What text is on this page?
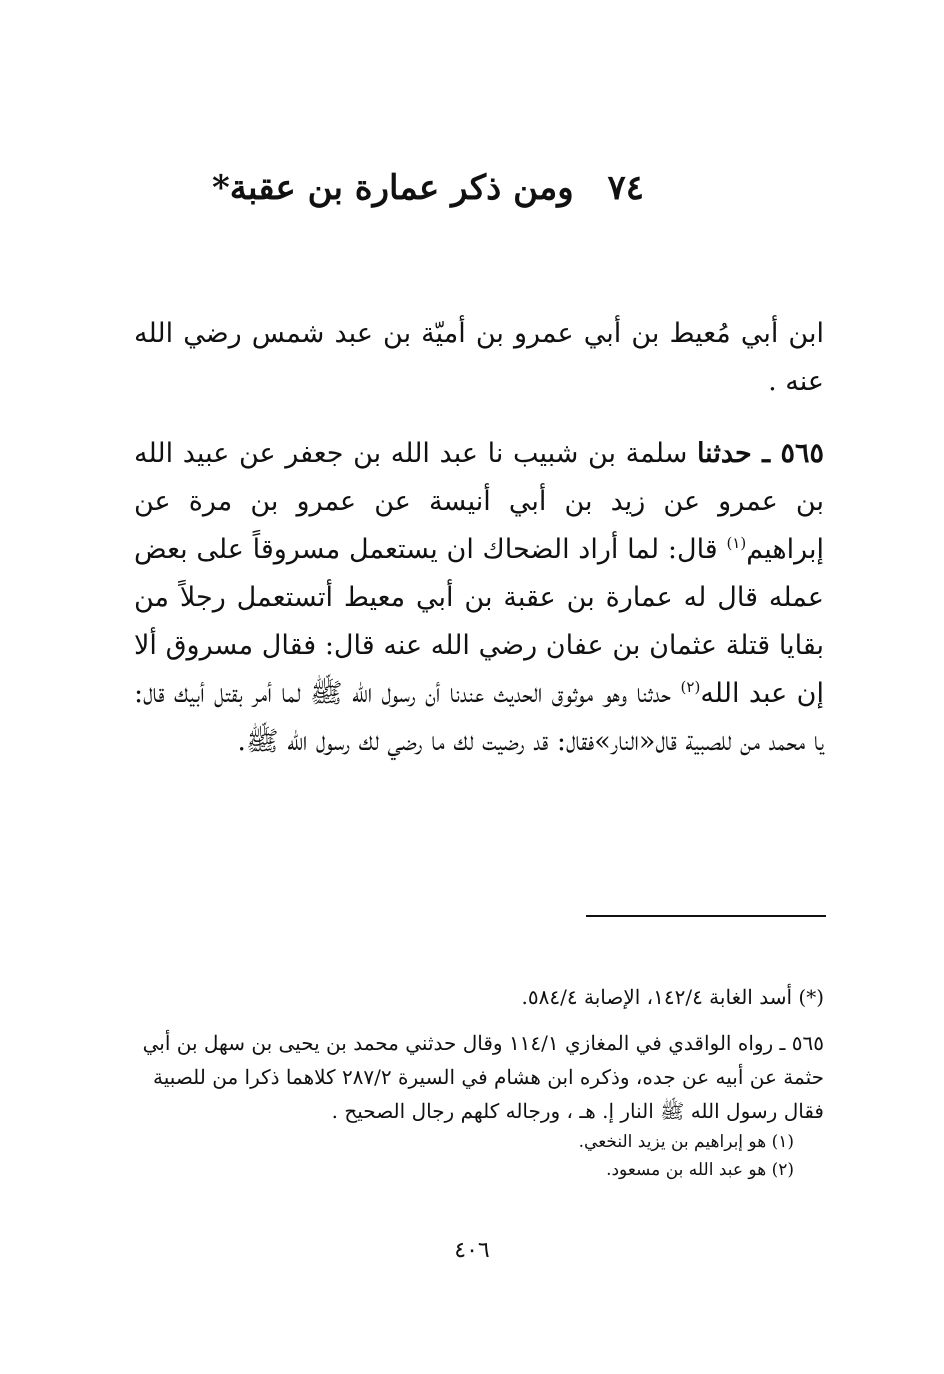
٧٤ ومن ذكر عمارة بن عقبة*

ابن أبي مُعيط بن أبي عمرو بن أميّة بن عبد شمس رضي الله عنه .

٥٦٥ ـ حدثنا سلمة بن شبيب نا عبد الله بن جعفر عن عبيد الله بن عمرو عن زيد بن أبي أنيسة عن عمرو بن مرة عن إبراهيم$^{(١)}$ قال: لما أراد الضحاك ان يستعمل مسروقاً على بعض عمله قال له عمارة بن عقبة بن أبي معيط أتستعمل رجلاً من بقايا قتلة عثمان بن عفان رضي الله عنه قال: فقال مسروق ألا إن عبد الله$^{(٢)}$ حدثنا وهو موثوق الحديث عندنا أن رسول الله ﷺ لما أمر بقتل أبيك قال: يا محمد من للصبية قال«النار»فقال: قد رضيت لك ما رضي لك رسول الله ﷺ.

(*) أسد الغابة ١٤٢/٤، الإصابة ٥٨٤/٤.

٥٦٥ ـ رواه الواقدي في المغازي ١١٤/١ وقال حدثني محمد بن يحيى بن سهل بن أبي حثمة عن أبيه عن جده، وذكره ابن هشام في السيرة ٢٨٧/٢ كلاهما ذكرا من للصبية فقال رسول الله ﷺ النار إ. هـ ، ورجاله كلهم رجال الصحيح .

(١) هو إبراهيم بن يزيد النخعي.

(٢) هو عبد الله بن مسعود.

٤٠٦
